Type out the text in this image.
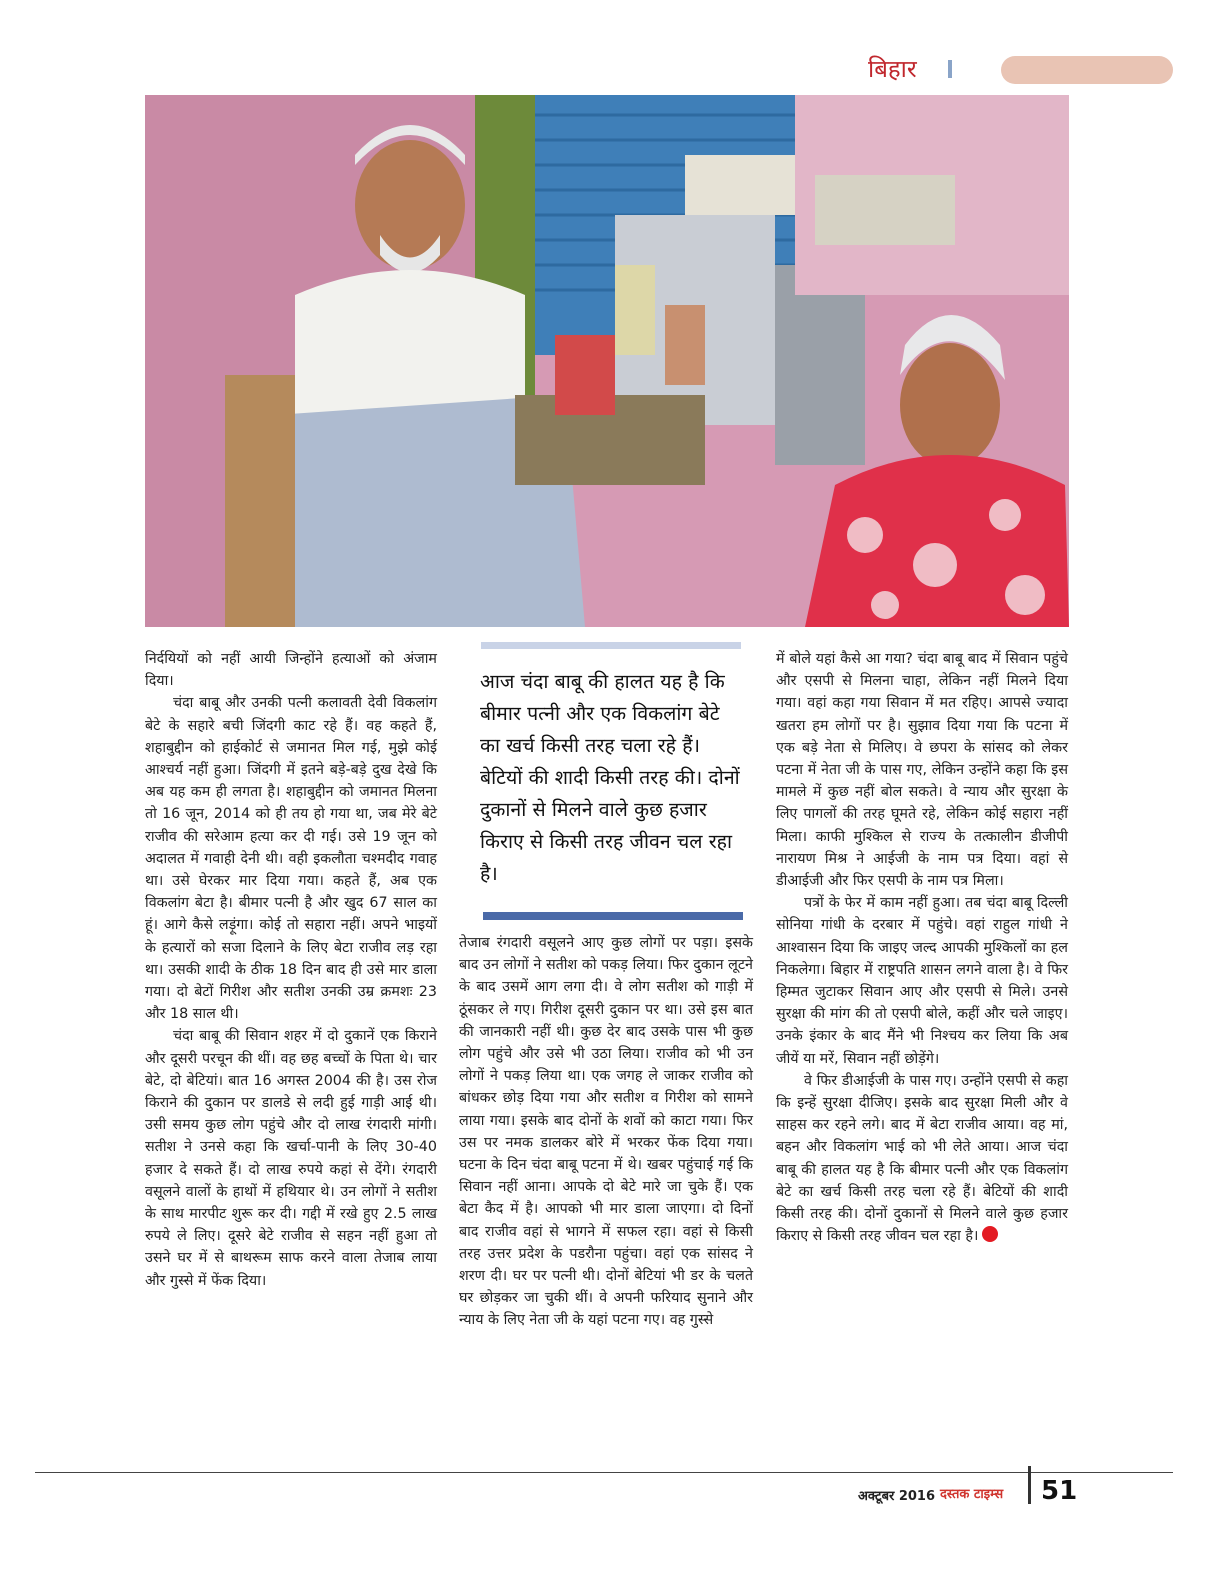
बिहार

निर्दयियों को नहीं आयी जिन्होंने हत्याओं को अंजाम दिया।

चंदा बाबू और उनकी पत्नी कलावती देवी विकलांग बेटे के सहारे बची जिंदगी काट रहे हैं। वह कहते हैं, शहाबुद्दीन को हाईकोर्ट से जमानत मिल गई, मुझे कोई आश्चर्य नहीं हुआ। जिंदगी में इतने बड़े-बड़े दुख देखे कि अब यह कम ही लगता है। शहाबुद्दीन को जमानत मिलना तो 16 जून, 2014 को ही तय हो गया था, जब मेरे बेटे राजीव की सरेआम हत्या कर दी गई। उसे 19 जून को अदालत में गवाही देनी थी। वही इकलौता चश्मदीद गवाह था। उसे घेरकर मार दिया गया। कहते हैं, अब एक विकलांग बेटा है। बीमार पत्नी है और खुद 67 साल का हूं। आगे कैसे लड़ूंगा। कोई तो सहारा नहीं। अपने भाइयों के हत्यारों को सजा दिलाने के लिए बेटा राजीव लड़ रहा था। उसकी शादी के ठीक 18 दिन बाद ही उसे मार डाला गया। दो बेटों गिरीश और सतीश उनकी उम्र क्रमशः 23 और 18 साल थी।

चंदा बाबू की सिवान शहर में दो दुकानें एक किराने और दूसरी परचून की थीं। वह छह बच्चों के पिता थे। चार बेटे, दो बेटियां। बात 16 अगस्त 2004 की है। उस रोज किराने की दुकान पर डालडे से लदी हुई गाड़ी आई थी। उसी समय कुछ लोग पहुंचे और दो लाख रंगदारी मांगी। सतीश ने उनसे कहा कि खर्चा-पानी के लिए 30-40 हजार दे सकते हैं। दो लाख रुपये कहां से देंगे। रंगदारी वसूलने वालों के हाथों में हथियार थे। उन लोगों ने सतीश के साथ मारपीट शुरू कर दी। गद्दी में रखे हुए 2.5 लाख रुपये ले लिए। दूसरे बेटे राजीव से सहन नहीं हुआ तो उसने घर में से बाथरूम साफ करने वाला तेजाब लाया और गुस्से में फेंक दिया।

आज चंदा बाबू की हालत यह है कि बीमार पत्नी और एक विकलांग बेटे का खर्च किसी तरह चला रहे हैं। बेटियों की शादी किसी तरह की। दोनों दुकानों से मिलने वाले कुछ हजार किराए से किसी तरह जीवन चल रहा है।

तेजाब रंगदारी वसूलने आए कुछ लोगों पर पड़ा। इसके बाद उन लोगों ने सतीश को पकड़ लिया। फिर दुकान लूटने के बाद उसमें आग लगा दी। वे लोग सतीश को गाड़ी में ठूंसकर ले गए। गिरीश दूसरी दुकान पर था। उसे इस बात की जानकारी नहीं थी। कुछ देर बाद उसके पास भी कुछ लोग पहुंचे और उसे भी उठा लिया। राजीव को भी उन लोगों ने पकड़ लिया था। एक जगह ले जाकर राजीव को बांधकर छोड़ दिया गया और सतीश व गिरीश को सामने लाया गया। इसके बाद दोनों के शवों को काटा गया। फिर उस पर नमक डालकर बोरे में भरकर फेंक दिया गया। घटना के दिन चंदा बाबू पटना में थे। खबर पहुंचाई गई कि सिवान नहीं आना। आपके दो बेटे मारे जा चुके हैं। एक बेटा कैद में है। आपको भी मार डाला जाएगा। दो दिनों बाद राजीव वहां से भागने में सफल रहा। वहां से किसी तरह उत्तर प्रदेश के पडरौना पहुंचा। वहां एक सांसद ने शरण दी। घर पर पत्नी थी। दोनों बेटियां भी डर के चलते घर छोड़कर जा चुकी थीं। वे अपनी फरियाद सुनाने और न्याय के लिए नेता जी के यहां पटना गए। वह गुस्से

में बोले यहां कैसे आ गया? चंदा बाबू बाद में सिवान पहुंचे और एसपी से मिलना चाहा, लेकिन नहीं मिलने दिया गया। वहां कहा गया सिवान में मत रहिए। आपसे ज्यादा खतरा हम लोगों पर है। सुझाव दिया गया कि पटना में एक बड़े नेता से मिलिए। वे छपरा के सांसद को लेकर पटना में नेता जी के पास गए, लेकिन उन्होंने कहा कि इस मामले में कुछ नहीं बोल सकते। वे न्याय और सुरक्षा के लिए पागलों की तरह घूमते रहे, लेकिन कोई सहारा नहीं मिला। काफी मुश्किल से राज्य के तत्कालीन डीजीपी नारायण मिश्र ने आईजी के नाम पत्र दिया। वहां से डीआईजी और फिर एसपी के नाम पत्र मिला।

पत्रों के फेर में काम नहीं हुआ। तब चंदा बाबू दिल्ली सोनिया गांधी के दरबार में पहुंचे। वहां राहुल गांधी ने आश्वासन दिया कि जाइए जल्द आपकी मुश्किलों का हल निकलेगा। बिहार में राष्ट्रपति शासन लगने वाला है। वे फिर हिम्मत जुटाकर सिवान आए और एसपी से मिले। उनसे सुरक्षा की मांग की तो एसपी बोले, कहीं और चले जाइए। उनके इंकार के बाद मैंने भी निश्चय कर लिया कि अब जीयें या मरें, सिवान नहीं छोड़ेंगे।

वे फिर डीआईजी के पास गए। उन्होंने एसपी से कहा कि इन्हें सुरक्षा दीजिए। इसके बाद सुरक्षा मिली और वे साहस कर रहने लगे। बाद में बेटा राजीव आया। वह मां, बहन और विकलांग भाई को भी लेते आया। आज चंदा बाबू की हालत यह है कि बीमार पत्नी और एक विकलांग बेटे का खर्च किसी तरह चला रहे हैं। बेटियों की शादी किसी तरह की। दोनों दुकानों से मिलने वाले कुछ हजार किराए से किसी तरह जीवन चल रहा है।

अक्टूबर 2016 दस्तक टाइम्स 51
